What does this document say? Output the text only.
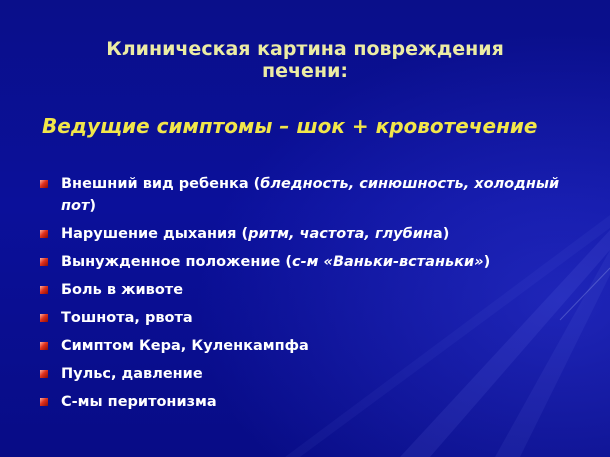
Клиническая картина повреждения
печени:
Ведущие симптомы – шок + кровотечение
Внешний вид ребенка (бледность, синюшность, холодный пот)
Нарушение дыхания (ритм, частота, глубина)
Вынужденное положение (с-м «Ваньки-встаньки»)
Боль в животе
Тошнота, рвота
Симптом Кера, Куленкампфа
Пульс, давление
С-мы перитонизма
